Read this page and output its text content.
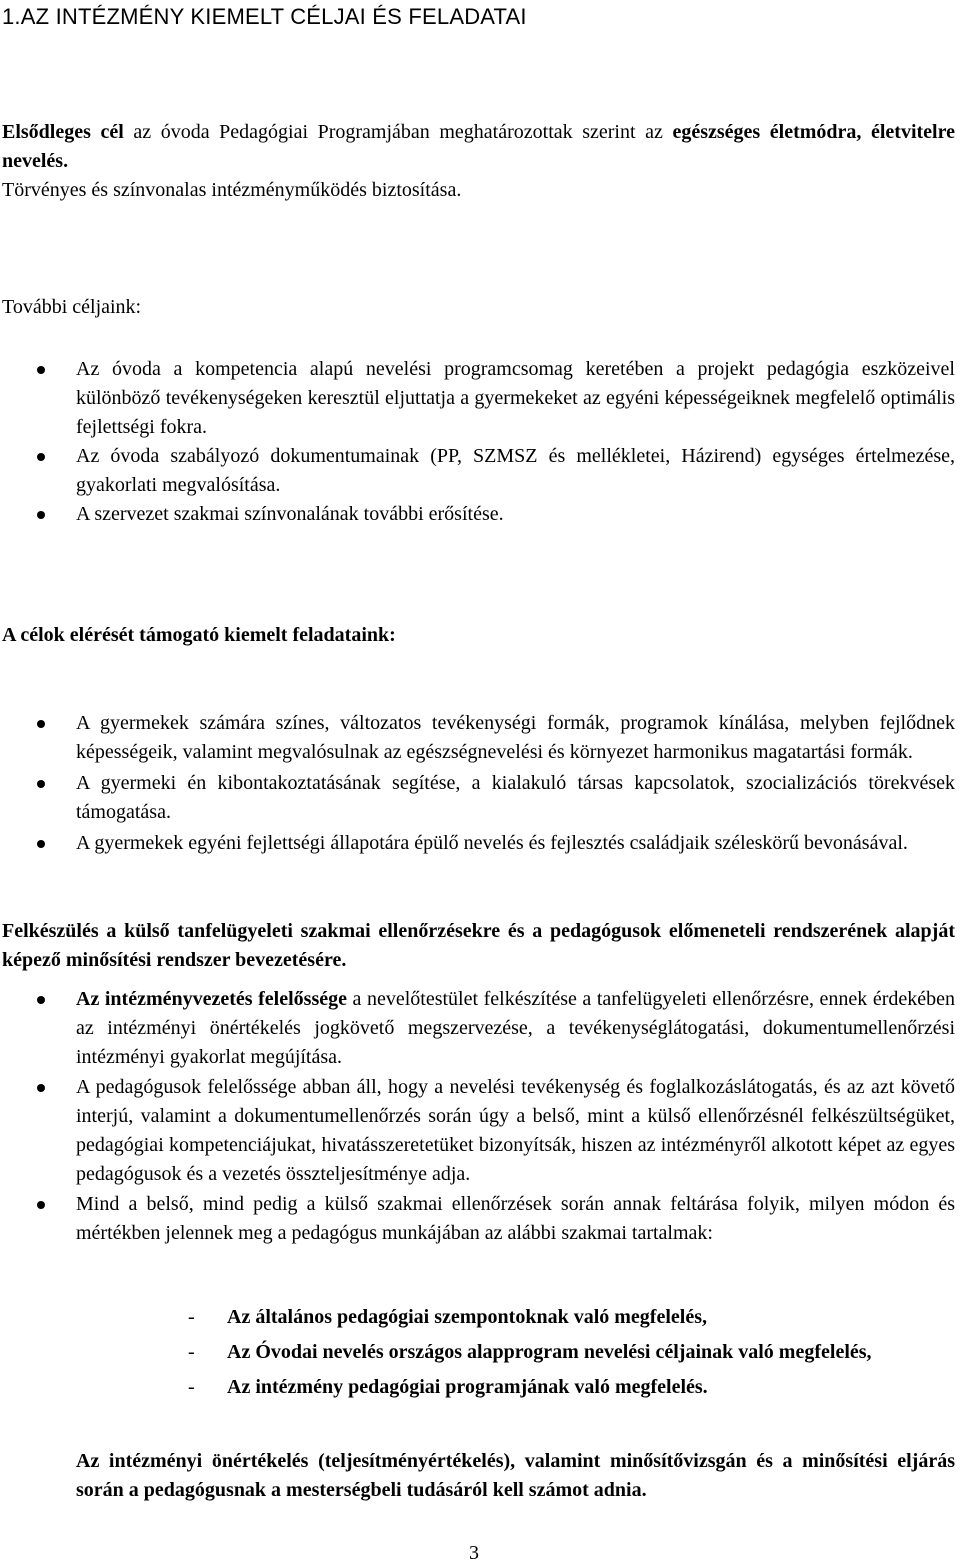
1.AZ INTÉZMÉNY KIEMELT CÉLJAI ÉS FELADATAI
Elsődleges cél az óvoda Pedagógiai Programjában meghatározottak szerint az egészséges életmódra, életvitelre nevelés.
Törvényes és színvonalas intézményműködés biztosítása.
További céljaink:
Az óvoda a kompetencia alapú nevelési programcsomag keretében a projekt pedagógia eszközeivel különböző tevékenységeken keresztül eljuttatja a gyermekeket az egyéni képességeiknek megfelelő optimális fejlettségi fokra.
Az óvoda szabályozó dokumentumainak (PP, SZMSZ és mellékletei, Házirend) egységes értelmezése, gyakorlati megvalósítása.
A szervezet szakmai színvonalának további erősítése.
A célok elérését támogató kiemelt feladataink:
A gyermekek számára színes, változatos tevékenységi formák, programok kínálása, melyben fejlődnek képességeik, valamint megvalósulnak az egészségnevelési és környezet harmonikus magatartási formák.
A gyermeki én kibontakoztatásának segítése, a kialakuló társas kapcsolatok, szocializációs törekvések támogatása.
A gyermekek egyéni fejlettségi állapotára épülő nevelés és fejlesztés családjaik széleskörű bevonásával.
Felkészülés a külső tanfelügyeleti szakmai ellenőrzésekre és a pedagógusok előmeneteli rendszerének alapját képező minősítési rendszer bevezetésére.
Az intézményvezetés felelőssége a nevelőtestület felkészítése a tanfelügyeleti ellenőrzésre, ennek érdekében az intézményi önértékelés jogkövető megszervezése, a tevékenységlátogatási, dokumentumellenőrzési intézményi gyakorlat megújítása.
A pedagógusok felelőssége abban áll, hogy a nevelési tevékenység és foglalkozáslátogatás, és az azt követő interjú, valamint a dokumentumellenőrzés során úgy a belső, mint a külső ellenőrzésnél felkészültségüket, pedagógiai kompetenciájukat, hivatásszeretetüket bizonyítsák, hiszen az intézményről alkotott képet az egyes pedagógusok és a vezetés összteljesítménye adja.
Mind a belső, mind pedig a külső szakmai ellenőrzések során annak feltárása folyik, milyen módon és mértékben jelennek meg a pedagógus munkájában az alábbi szakmai tartalmak:
- Az általános pedagógiai szempontoknak való megfelelés,
- Az Óvodai nevelés országos alapprogram nevelési céljainak való megfelelés,
- Az intézmény pedagógiai programjának való megfelelés.
Az intézményi önértékelés (teljesítményértékelés), valamint minősítővizsgán és a minősítési eljárás során a pedagógusnak a mesterségbeli tudásáról kell számot adnia.
3
